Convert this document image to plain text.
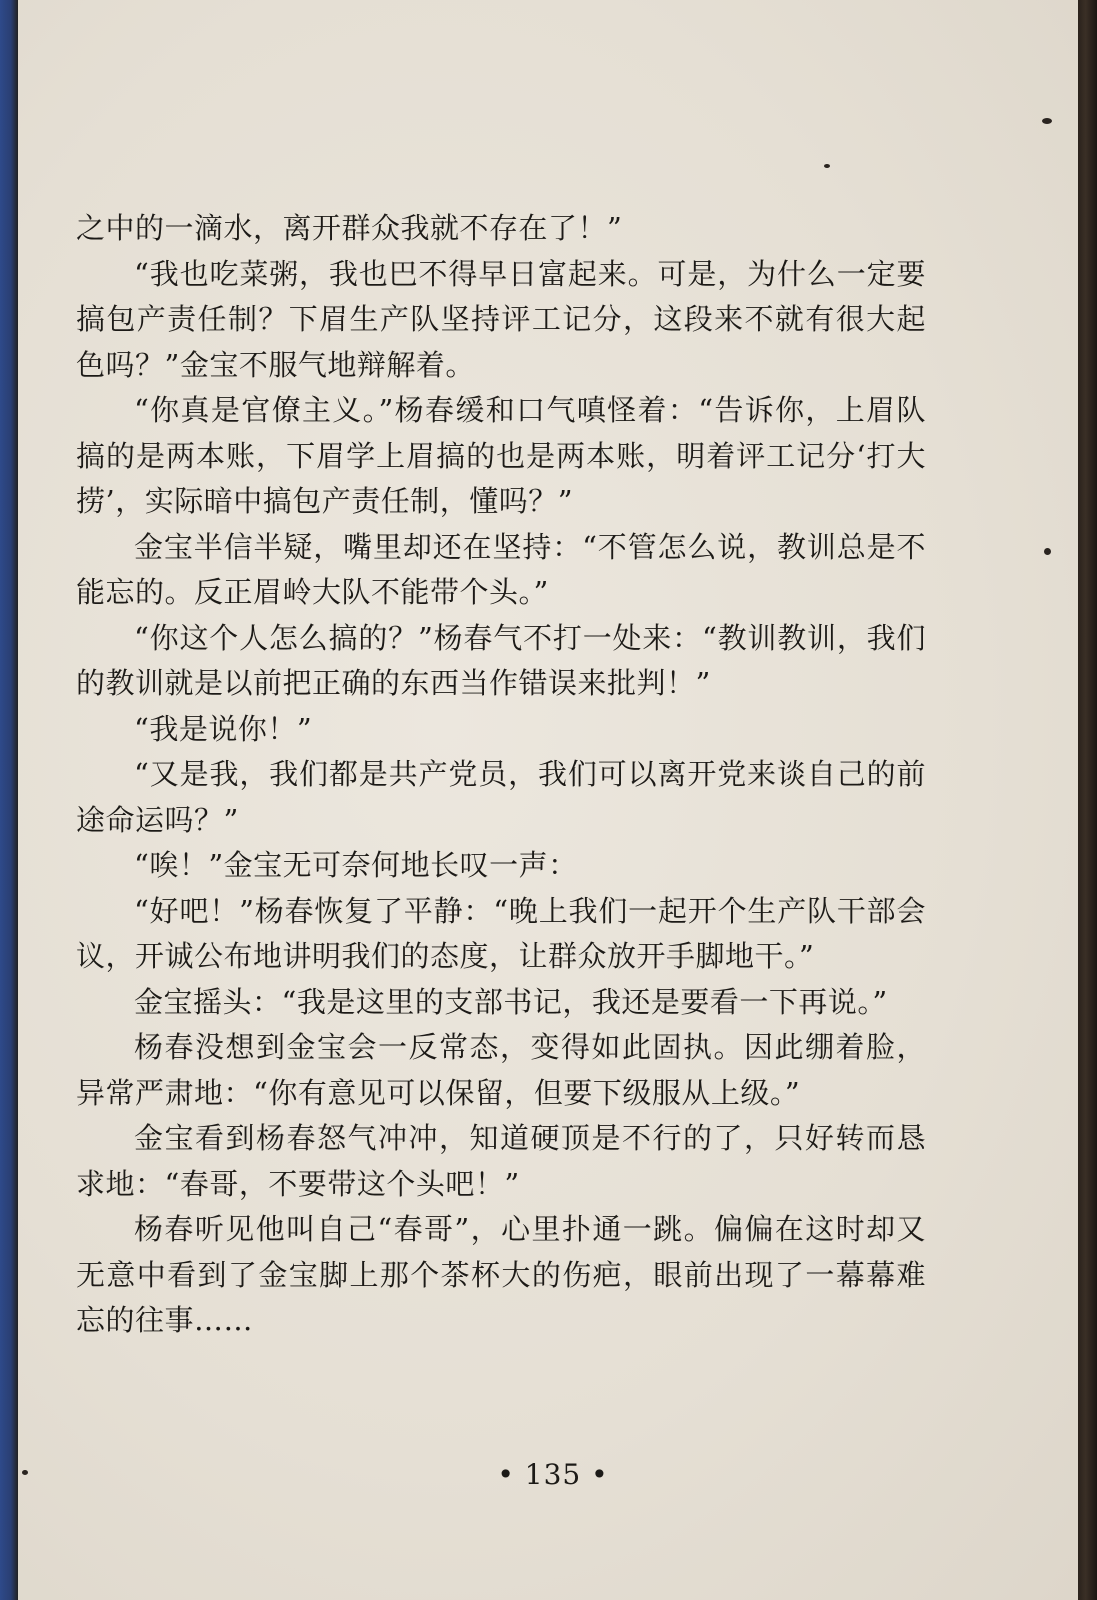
之中的一滴水，离开群众我就不存在了！”

“我也吃菜粥，我也巴不得早日富起来。可是，为什么一定要搞包产责任制？下眉生产队坚持评工记分，这段来不就有很大起色吗？”金宝不服气地辩解着。

“你真是官僚主义。”杨春缓和口气嗔怪着：“告诉你，上眉队搞的是两本账，下眉学上眉搞的也是两本账，明着评工记分‘打大捞’，实际暗中搞包产责任制，懂吗？”

金宝半信半疑，嘴里却还在坚持：“不管怎么说，教训总是不能忘的。反正眉岭大队不能带个头。”

“你这个人怎么搞的？”杨春气不打一处来：“教训教训，我们的教训就是以前把正确的东西当作错误来批判！”

“我是说你！”

“又是我，我们都是共产党员，我们可以离开党来谈自己的前途命运吗？”

“唉！”金宝无可奈何地长叹一声：

“好吧！”杨春恢复了平静：“晚上我们一起开个生产队干部会议，开诚公布地讲明我们的态度，让群众放开手脚地干。”

金宝摇头：“我是这里的支部书记，我还是要看一下再说。”

杨春没想到金宝会一反常态，变得如此固执。因此绷着脸，异常严肃地：“你有意见可以保留，但要下级服从上级。”

金宝看到杨春怒气冲冲，知道硬顶是不行的了，只好转而恳求地：“春哥，不要带这个头吧！”

杨春听见他叫自己“春哥”，心里扑通一跳。偏偏在这时却又无意中看到了金宝脚上那个茶杯大的伤疤，眼前出现了一幕幕难忘的往事……

• 135 •
